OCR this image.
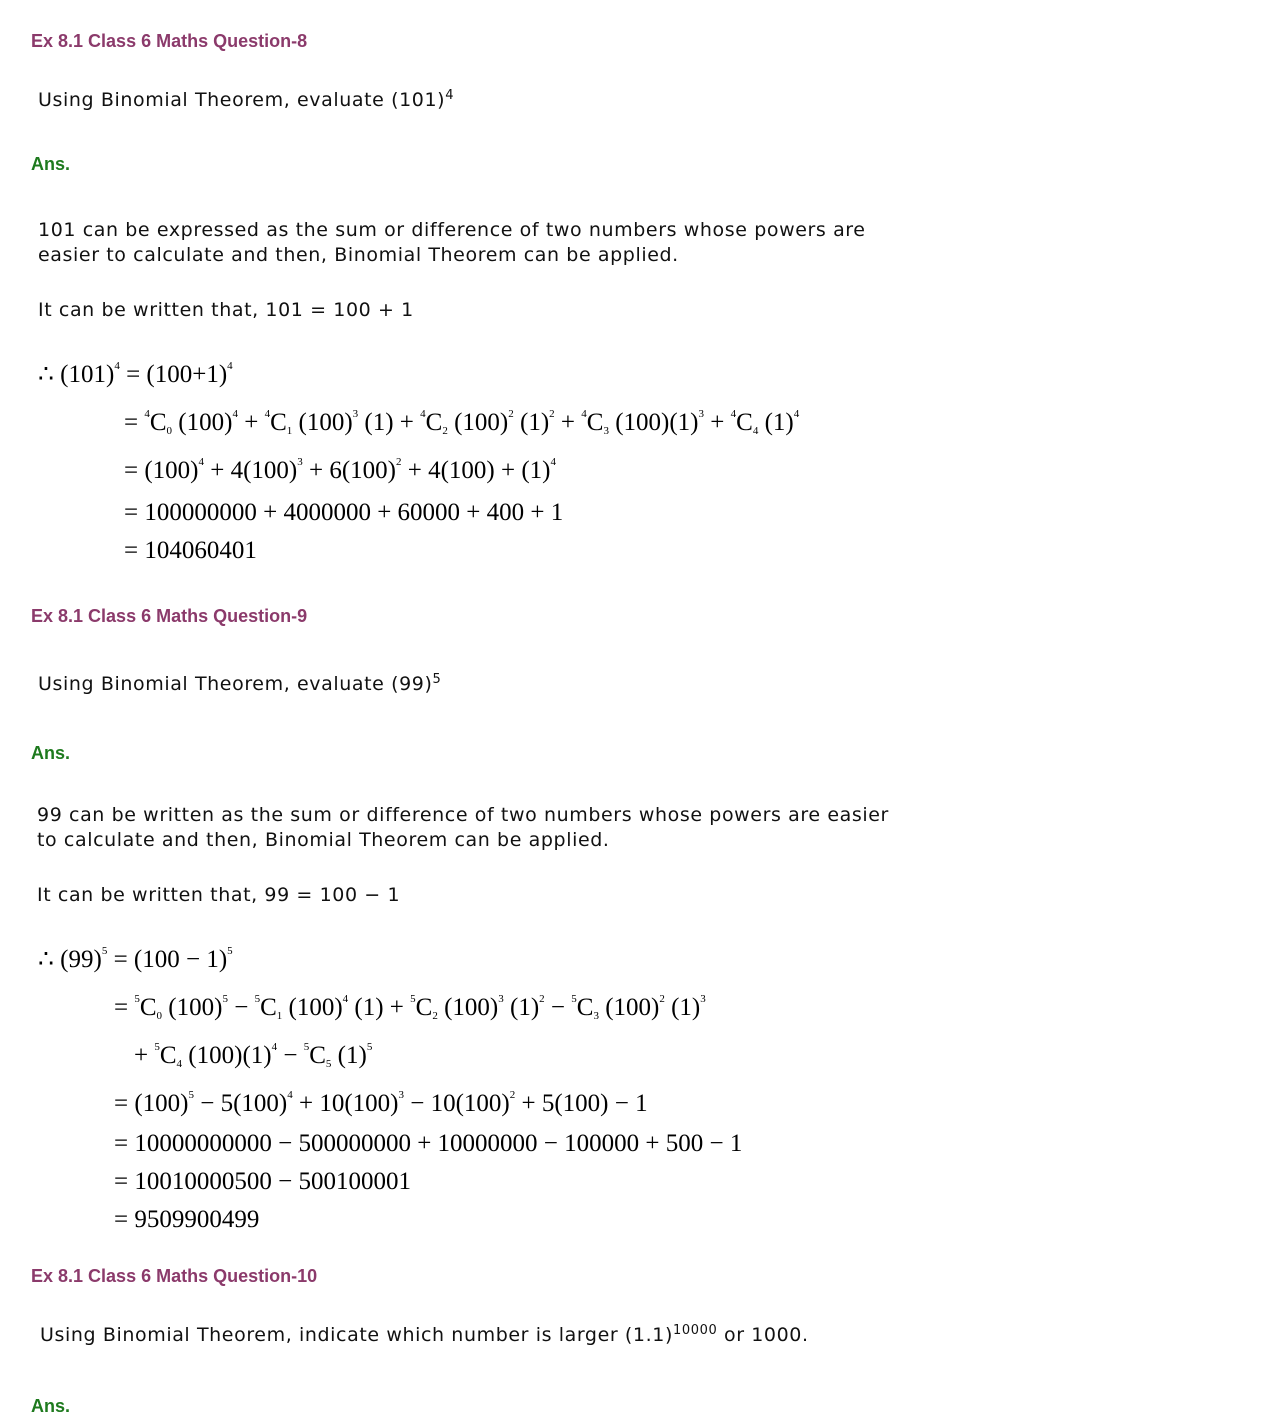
Ex 8.1 Class 6 Maths Question-8
Using Binomial Theorem, evaluate $(101)^4$
Ans.
101 can be expressed as the sum or difference of two numbers whose powers are
easier to calculate and then, Binomial Theorem can be applied.
It can be written that, 101 = 100 + 1
∴ $(101)^4 = (100+1)^4$
= $^4C_0$ $(100)^4 + ^4C_1$ $(100)^3$ $(1) + ^4C_2$ $(100)^2$ $(1)^2 + ^4C_3$ $(100)(1)^3 + ^4C_4$ $(1)^4$
= $(100)^4 + 4(100)^3 + 6(100)^2 + 4(100) + (1)^4$
= 100000000 + 4000000 + 60000 + 400 + 1
= 104060401
Ex 8.1 Class 6 Maths Question-9
Using Binomial Theorem, evaluate $(99)^5$
Ans.
99 can be written as the sum or difference of two numbers whose powers are easier
to calculate and then, Binomial Theorem can be applied.
It can be written that, 99 = 100 − 1
∴ $(99)^5 = (100 - 1)^5$
= $^5C_0$ $(100)^5 - ^5C_1$ $(100)^4$ $(1) + ^5C_2$ $(100)^3$ $(1)^2 - ^5C_3$ $(100)^2$ $(1)^3$
+ $^5C_4$ $(100)(1)^4 - ^5C_5$ $(1)^5$
= $(100)^5 - 5(100)^4 + 10(100)^3 - 10(100)^2 + 5(100) - 1$
= 10000000000 − 500000000 + 10000000 − 100000 + 500 − 1
= 10010000500 − 500100001
= 9509900499
Ex 8.1 Class 6 Maths Question-10
Using Binomial Theorem, indicate which number is larger $(1.1)^{10000}$ or 1000.
Ans.
